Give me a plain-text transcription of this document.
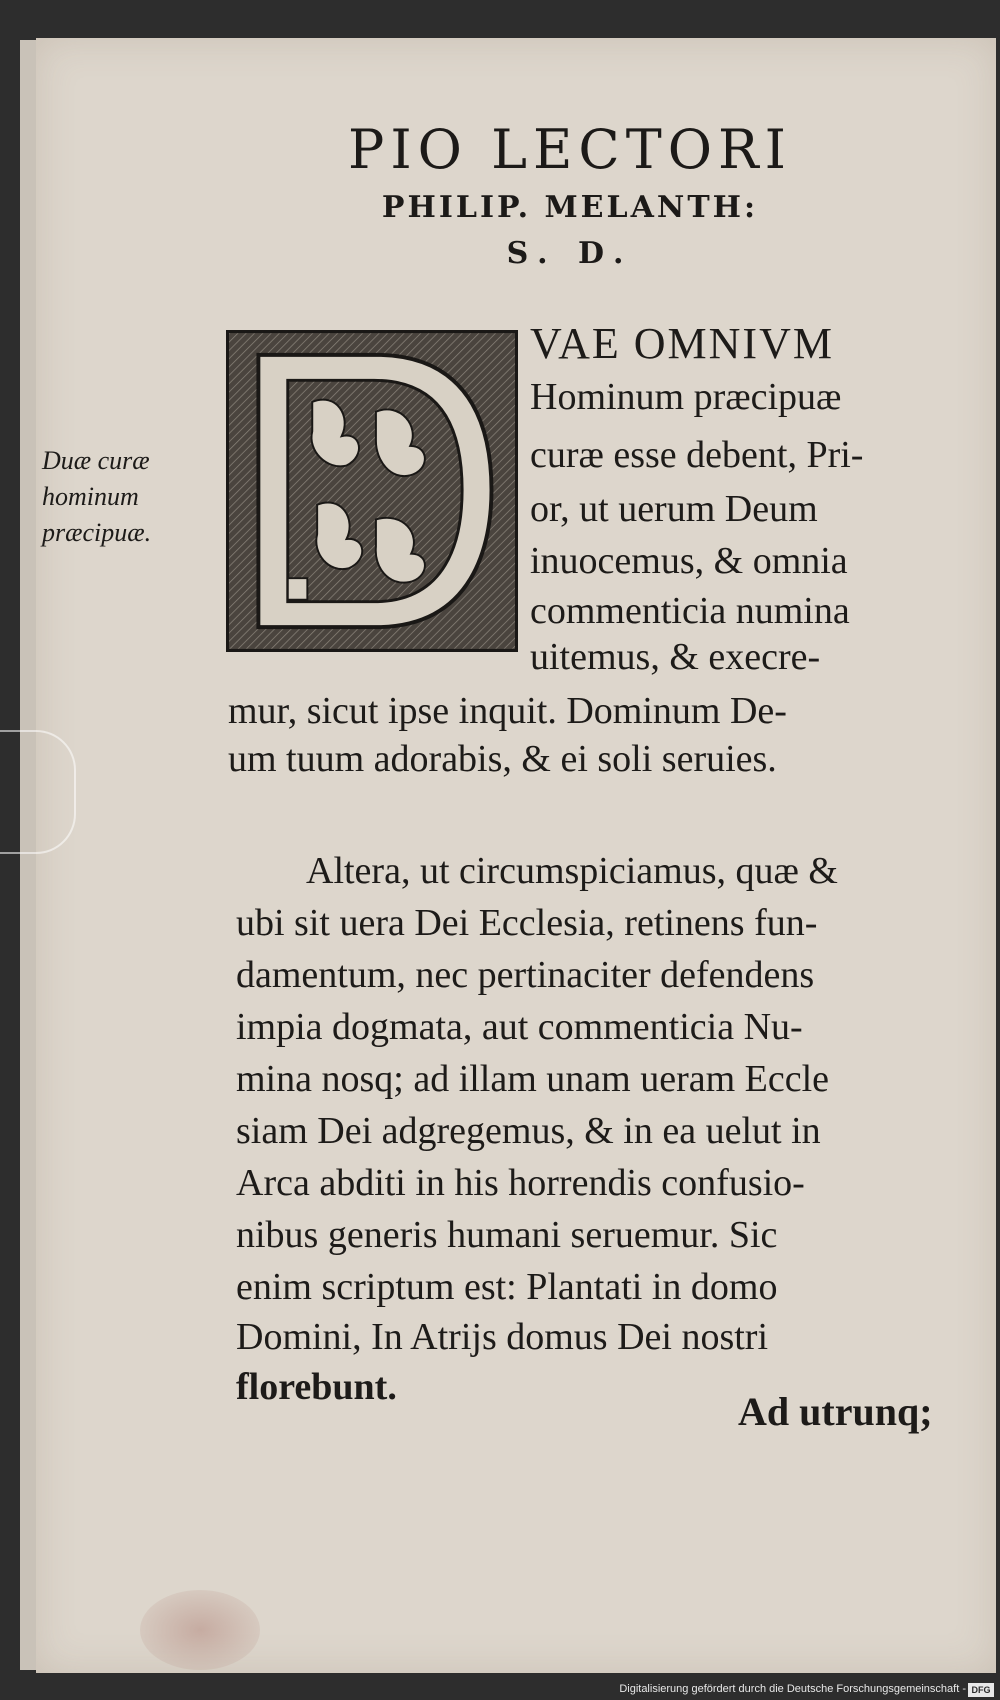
PIO LECTORI
PHILIP. MELANTH:
S. D.
Duæ curæ
hominum
præcipuæ.
VAE OMNIVM
Hominum præcipuæ
curæ esse debent, Pri-
or, ut uerum Deum
inuocemus, & omnia
commenticia numina
uitemus, & execre-
mur, sicut ipse inquit. Dominum De-
um tuum adorabis, & ei soli seruies.
Altera, ut circumspiciamus, quæ &
ubi sit uera Dei Ecclesia, retinens fun-
damentum, nec pertinaciter defendens
impia dogmata, aut commenticia Nu-
mina nosq; ad illam unam ueram Eccle
siam Dei adgregemus, & in ea uelut in
Arca abditi in his horrendis confusio-
nibus generis humani seruemur. Sic
enim scriptum est: Plantati in domo
Domini, In Atrijs domus Dei nostri
florebunt.
Ad utrunq;
Digitalisierung gefördert durch die Deutsche Forschungsgemeinschaft - DFG
